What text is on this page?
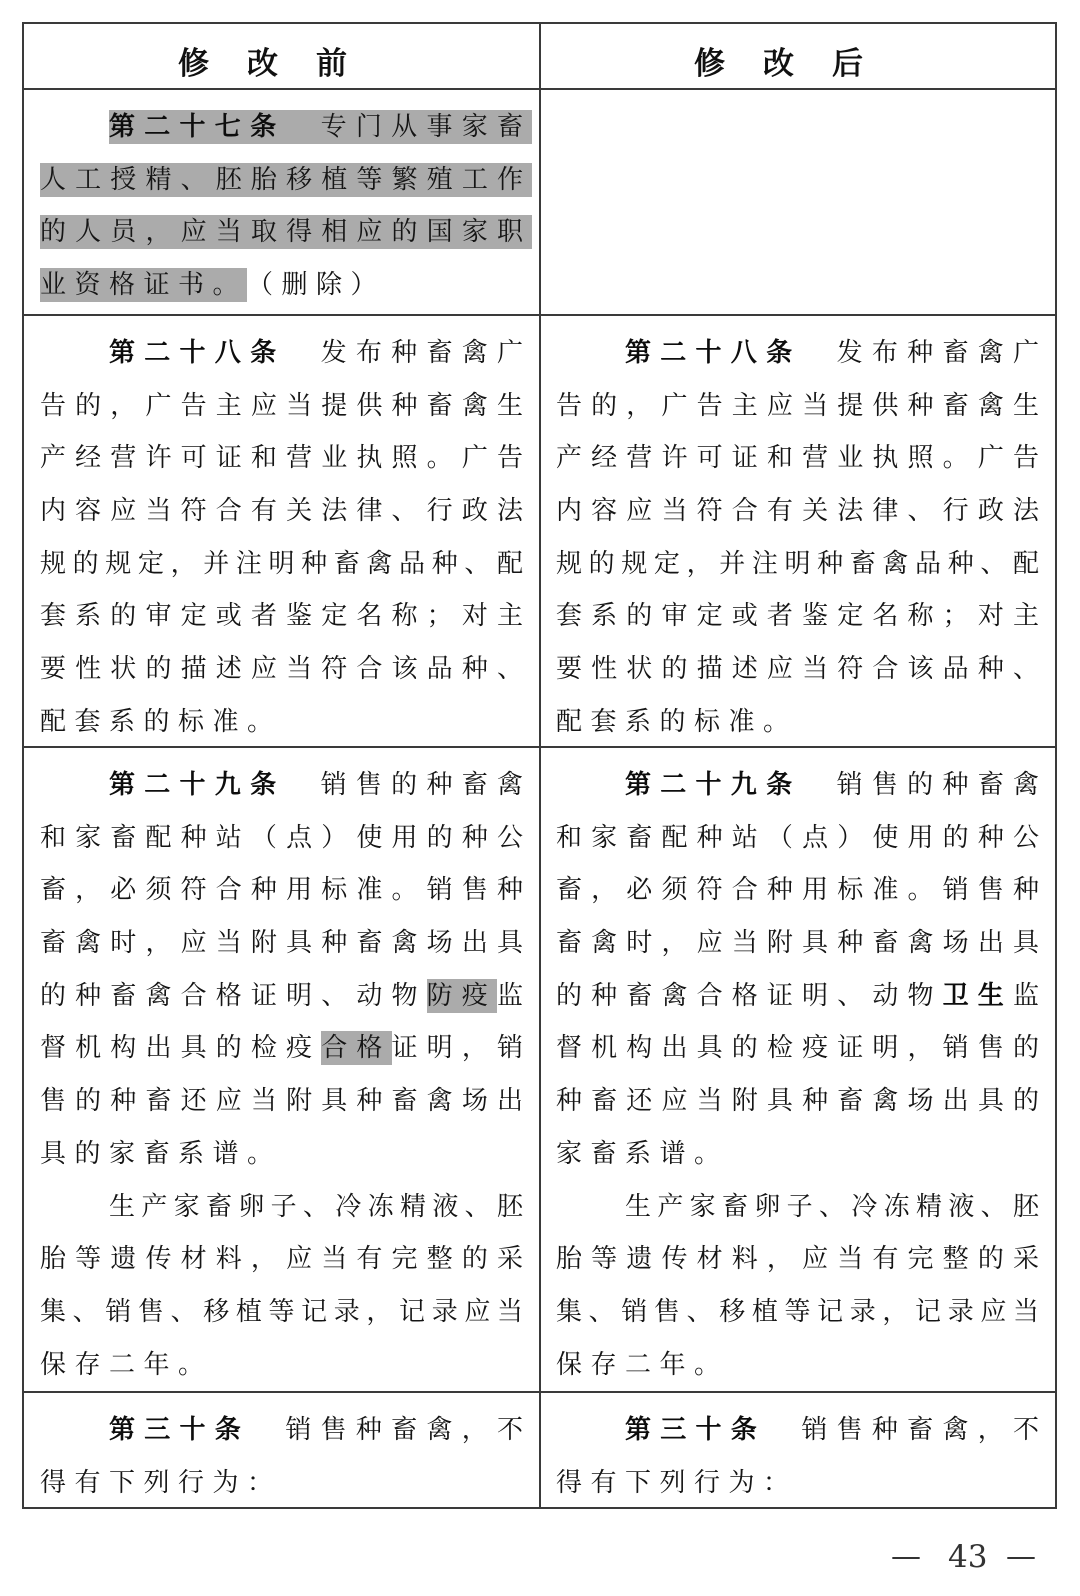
修改前	修改后
第二十七条　专门从事家畜
人工授精、胚胎移植等繁殖工作
的人员，应当取得相应的国家职
业资格证书。（删除）
第二十八条　发布种畜禽广
告的，广告主应当提供种畜禽生
产经营许可证和营业执照。广告
内容应当符合有关法律、行政法
规的规定，并注明种畜禽品种、配
套系的审定或者鉴定名称；对主
要性状的描述应当符合该品种、
配套系的标准。
第二十八条　发布种畜禽广
告的，广告主应当提供种畜禽生
产经营许可证和营业执照。广告
内容应当符合有关法律、行政法
规的规定，并注明种畜禽品种、配
套系的审定或者鉴定名称；对主
要性状的描述应当符合该品种、
配套系的标准。
第二十九条　销售的种畜禽
和家畜配种站（点）使用的种公
畜，必须符合种用标准。销售种
畜禽时，应当附具种畜禽场出具
的种畜禽合格证明、动物防疫监
督机构出具的检疫合格证明，销
售的种畜还应当附具种畜禽场出
具的家畜系谱。
生产家畜卵子、冷冻精液、胚
胎等遗传材料，应当有完整的采
集、销售、移植等记录，记录应当
保存二年。
第二十九条　销售的种畜禽
和家畜配种站（点）使用的种公
畜，必须符合种用标准。销售种
畜禽时，应当附具种畜禽场出具
的种畜禽合格证明、动物卫生监
督机构出具的检疫证明，销售的
种畜还应当附具种畜禽场出具的
家畜系谱。
生产家畜卵子、冷冻精液、胚
胎等遗传材料，应当有完整的采
集、销售、移植等记录，记录应当
保存二年。
第三十条　销售种畜禽，不
得有下列行为：
第三十条　销售种畜禽，不
得有下列行为：
— 43 —
